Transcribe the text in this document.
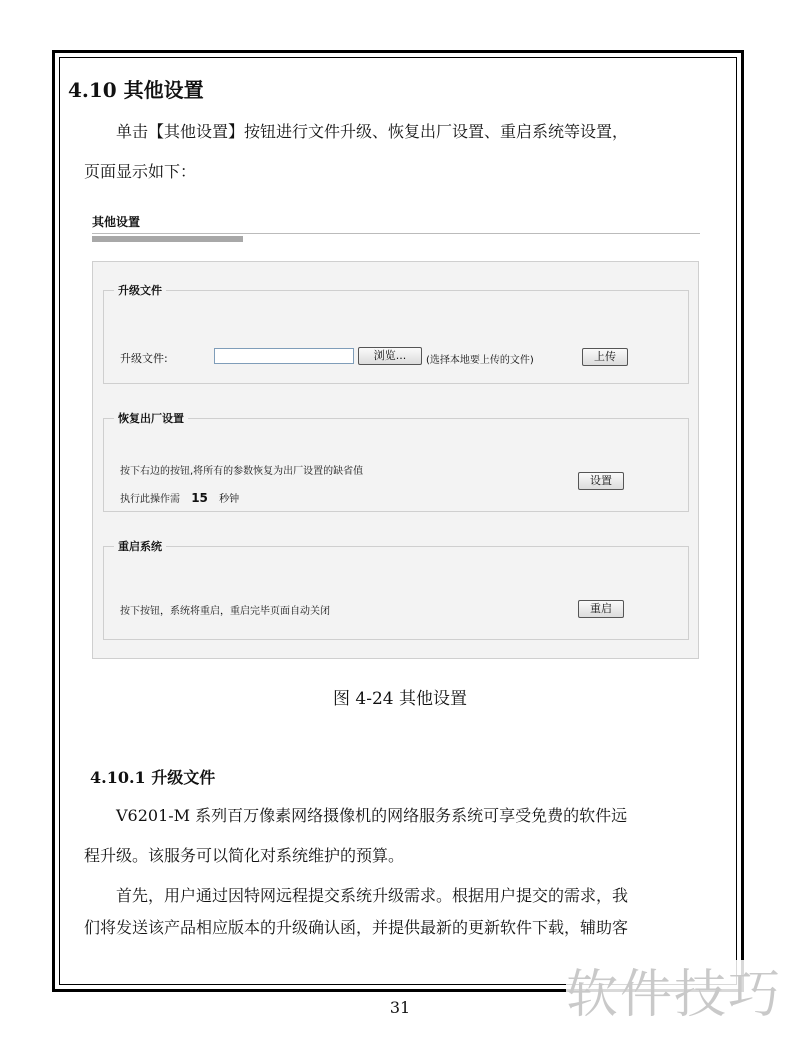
4.10 其他设置

单击【其他设置】按钮进行文件升级、恢复出厂设置、重启系统等设置，

页面显示如下：

其他设置
升级文件
升级文件:	浏览...	(选择本地要上传的文件)	上传
恢复出厂设置
按下右边的按钮,将所有的参数恢复为出厂设置的缺省值
执行此操作需 15 秒钟
设置
重启系统
按下按钮，系统将重启，重启完毕页面自动关闭	重启
图 4-24 其他设置
4.10.1 升级文件
V6201-M 系列百万像素网络摄像机的网络服务系统可享受免费的软件远
程升级。该服务可以简化对系统维护的预算。
首先，用户通过因特网远程提交系统升级需求。根据用户提交的需求，我
们将发送该产品相应版本的升级确认函，并提供最新的更新软件下载，辅助客
31	软件技巧
